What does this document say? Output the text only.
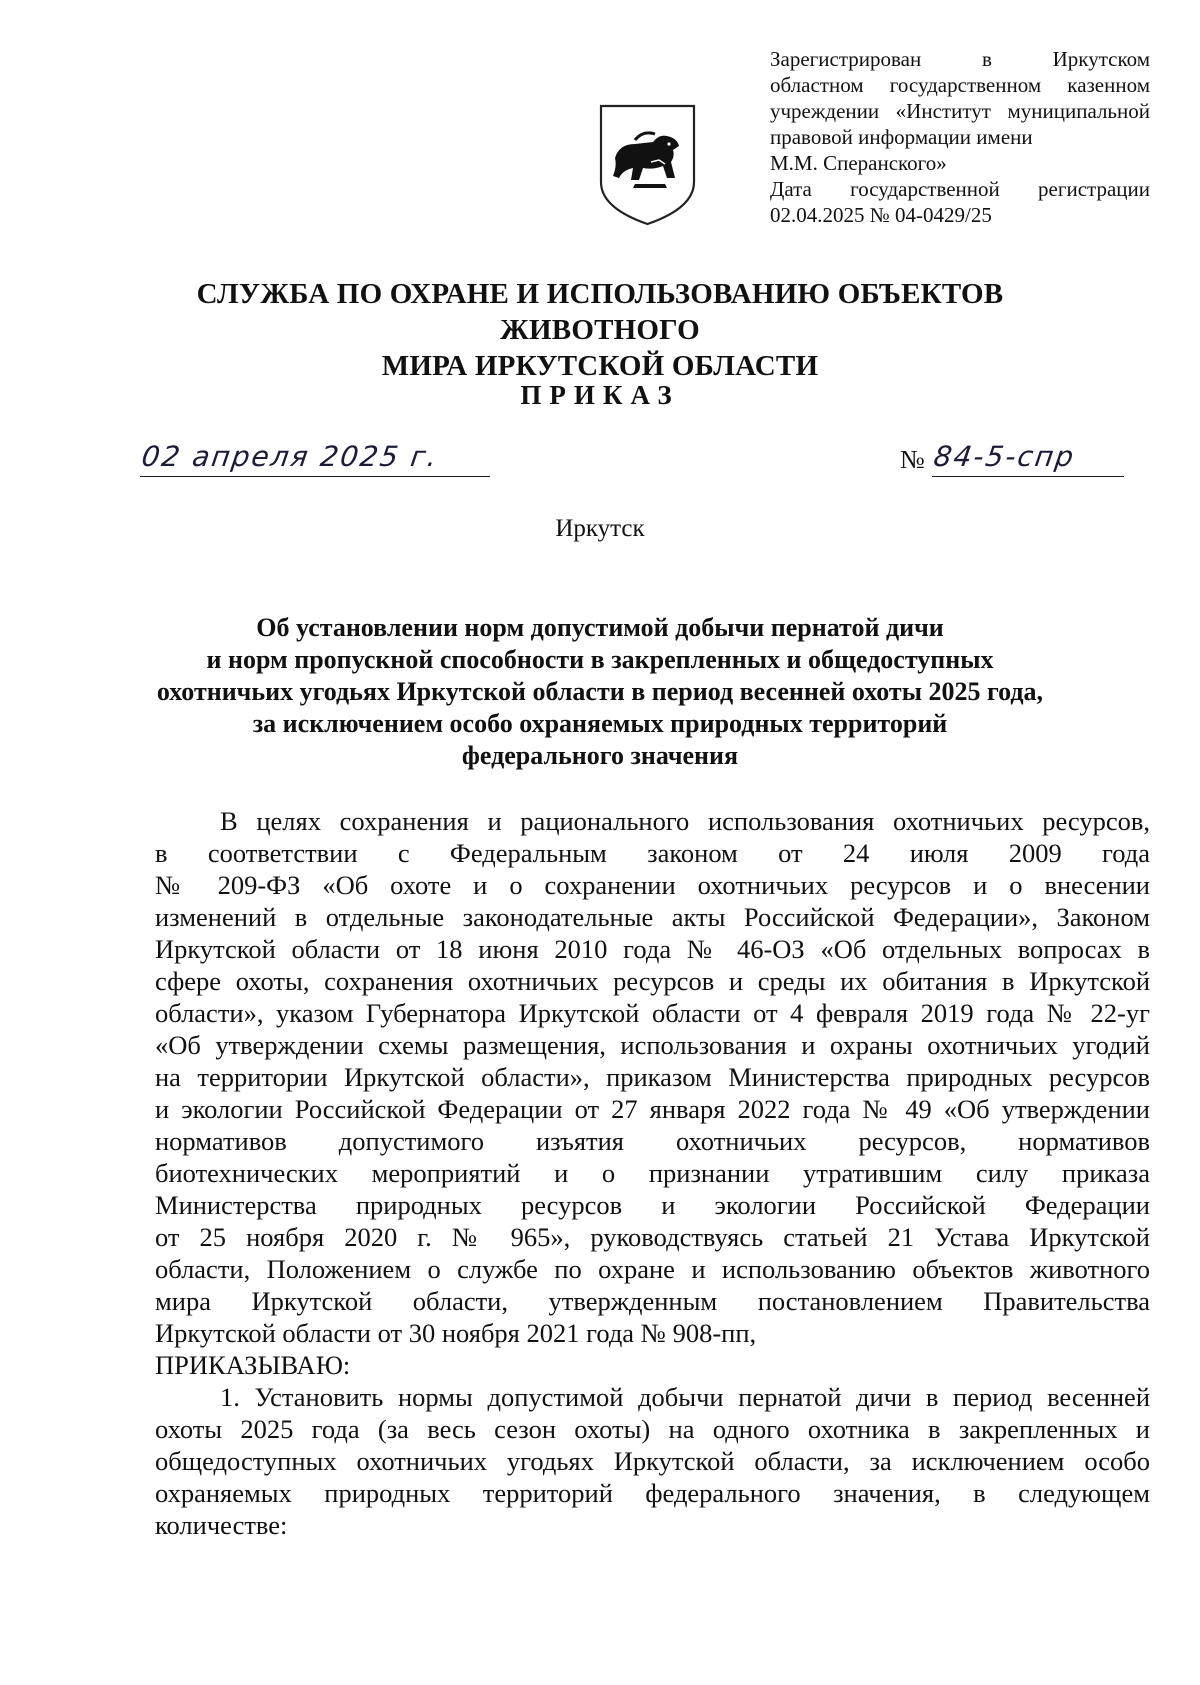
Зарегистрирован в Иркутском
областном государственном казенном
учреждении «Институт муниципальной
правовой информации имени
М.М. Сперанского»
Дата государственной регистрации
02.04.2025 № 04-0429/25
СЛУЖБА ПО ОХРАНЕ И ИСПОЛЬЗОВАНИЮ ОБЪЕКТОВ ЖИВОТНОГО
МИРА ИРКУТСКОЙ ОБЛАСТИ
ПРИКАЗ
02 апреля 2025 г.	№ 84-5-спр
Иркутск
Об установлении норм допустимой добычи пернатой дичи
и норм пропускной способности в закрепленных и общедоступных
охотничьих угодьях Иркутской области в период весенней охоты 2025 года,
за исключением особо охраняемых природных территорий
федерального значения
В целях сохранения и рационального использования охотничьих ресурсов,
в соответствии с Федеральным законом от 24 июля 2009 года
№ 209-ФЗ «Об охоте и о сохранении охотничьих ресурсов и о внесении
изменений в отдельные законодательные акты Российской Федерации», Законом
Иркутской области от 18 июня 2010 года № 46-ОЗ «Об отдельных вопросах в
сфере охоты, сохранения охотничьих ресурсов и среды их обитания в Иркутской
области», указом Губернатора Иркутской области от 4 февраля 2019 года № 22-уг
«Об утверждении схемы размещения, использования и охраны охотничьих угодий
на территории Иркутской области», приказом Министерства природных ресурсов
и экологии Российской Федерации от 27 января 2022 года № 49 «Об утверждении
нормативов допустимого изъятия охотничьих ресурсов, нормативов
биотехнических мероприятий и о признании утратившим силу приказа
Министерства природных ресурсов и экологии Российской Федерации
от 25 ноября 2020 г. № 965», руководствуясь статьей 21 Устава Иркутской
области, Положением о службе по охране и использованию объектов животного
мира Иркутской области, утвержденным постановлением Правительства
Иркутской области от 30 ноября 2021 года № 908-пп,
ПРИКАЗЫВАЮ:
1. Установить нормы допустимой добычи пернатой дичи в период весенней
охоты 2025 года (за весь сезон охоты) на одного охотника в закрепленных и
общедоступных охотничьих угодьях Иркутской области, за исключением особо
охраняемых природных территорий федерального значения, в следующем
количестве:
